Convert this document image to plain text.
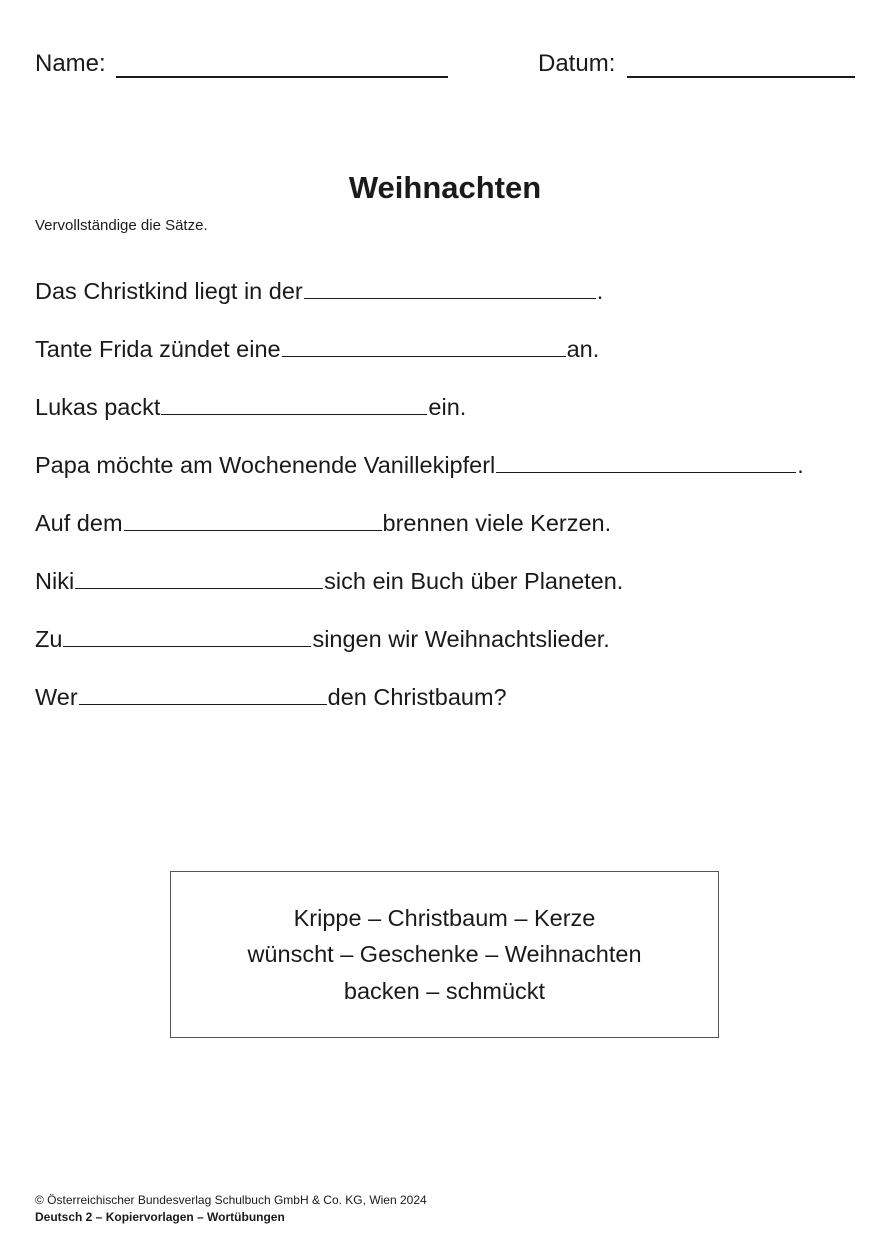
Name:	Datum:
Weihnachten
Vervollständige die Sätze.
Das Christkind liegt in der	.
Tante Frida zündet eine	an.
Lukas packt	ein.
Papa möchte am Wochenende Vanillekipferl	.
Auf dem	brennen viele Kerzen.
Niki	sich ein Buch über Planeten.
Zu	singen wir Weihnachtslieder.
Wer	den Christbaum?
Krippe – Christbaum – Kerze
wünscht – Geschenke – Weihnachten
backen – schmückt
© Österreichischer Bundesverlag Schulbuch GmbH & Co. KG, Wien 2024
Deutsch 2 – Kopiervorlagen – Wortübungen
